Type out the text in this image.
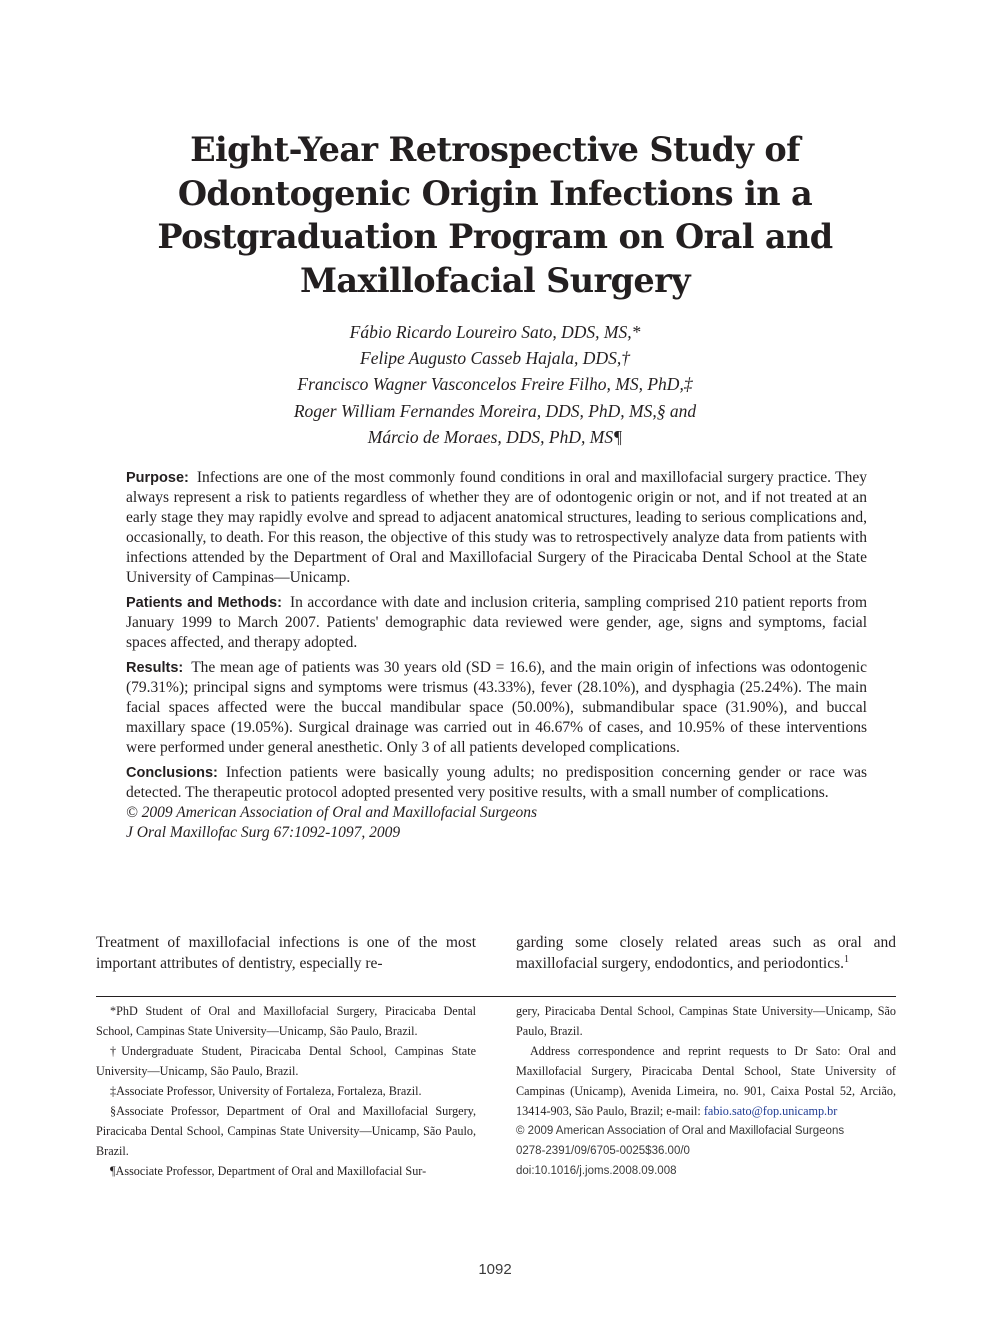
Eight-Year Retrospective Study of
Odontogenic Origin Infections in a
Postgraduation Program on Oral and
Maxillofacial Surgery
Fábio Ricardo Loureiro Sato, DDS, MS,*
Felipe Augusto Casseb Hajala, DDS,†
Francisco Wagner Vasconcelos Freire Filho, MS, PhD,‡
Roger William Fernandes Moreira, DDS, PhD, MS,§ and
Márcio de Moraes, DDS, PhD, MS¶

Purpose: Infections are one of the most commonly found conditions in oral and maxillofacial surgery practice. They always represent a risk to patients regardless of whether they are of odontogenic origin or not, and if not treated at an early stage they may rapidly evolve and spread to adjacent anatomical structures, leading to serious complications and, occasionally, to death. For this reason, the objective of this study was to retrospectively analyze data from patients with infections attended by the Department of Oral and Maxillofacial Surgery of the Piracicaba Dental School at the State University of Campinas—Unicamp.

Patients and Methods: In accordance with date and inclusion criteria, sampling comprised 210 patient reports from January 1999 to March 2007. Patients' demographic data reviewed were gender, age, signs and symptoms, facial spaces affected, and therapy adopted.

Results: The mean age of patients was 30 years old (SD = 16.6), and the main origin of infections was odontogenic (79.31%); principal signs and symptoms were trismus (43.33%), fever (28.10%), and dysphagia (25.24%). The main facial spaces affected were the buccal mandibular space (50.00%), submandibular space (31.90%), and buccal maxillary space (19.05%). Surgical drainage was carried out in 46.67% of cases, and 10.95% of these interventions were performed under general anesthetic. Only 3 of all patients developed complications.

Conclusions: Infection patients were basically young adults; no predisposition concerning gender or race was detected. The therapeutic protocol adopted presented very positive results, with a small number of complications.

© 2009 American Association of Oral and Maxillofacial Surgeons

J Oral Maxillofac Surg 67:1092-1097, 2009

Treatment of maxillofacial infections is one of the most important attributes of dentistry, especially re-
garding some closely related areas such as oral and maxillofacial surgery, endodontics, and periodontics.$^1$

*PhD Student of Oral and Maxillofacial Surgery, Piracicaba Dental School, Campinas State University—Unicamp, São Paulo, Brazil.

†Undergraduate Student, Piracicaba Dental School, Campinas State University—Unicamp, São Paulo, Brazil.

‡Associate Professor, University of Fortaleza, Fortaleza, Brazil.

§Associate Professor, Department of Oral and Maxillofacial Surgery, Piracicaba Dental School, Campinas State University—Unicamp, São Paulo, Brazil.

¶Associate Professor, Department of Oral and Maxillofacial Sur-

gery, Piracicaba Dental School, Campinas State University—Unicamp, São Paulo, Brazil.

Address correspondence and reprint requests to Dr Sato: Oral and Maxillofacial Surgery, Piracicaba Dental School, State University of Campinas (Unicamp), Avenida Limeira, no. 901, Caixa Postal 52, Arcião, 13414-903, São Paulo, Brazil; e-mail: fabio.sato@fop.unicamp.br

© 2009 American Association of Oral and Maxillofacial Surgeons

0278-2391/09/6705-0025$36.00/0

doi:10.1016/j.joms.2008.09.008

1092
